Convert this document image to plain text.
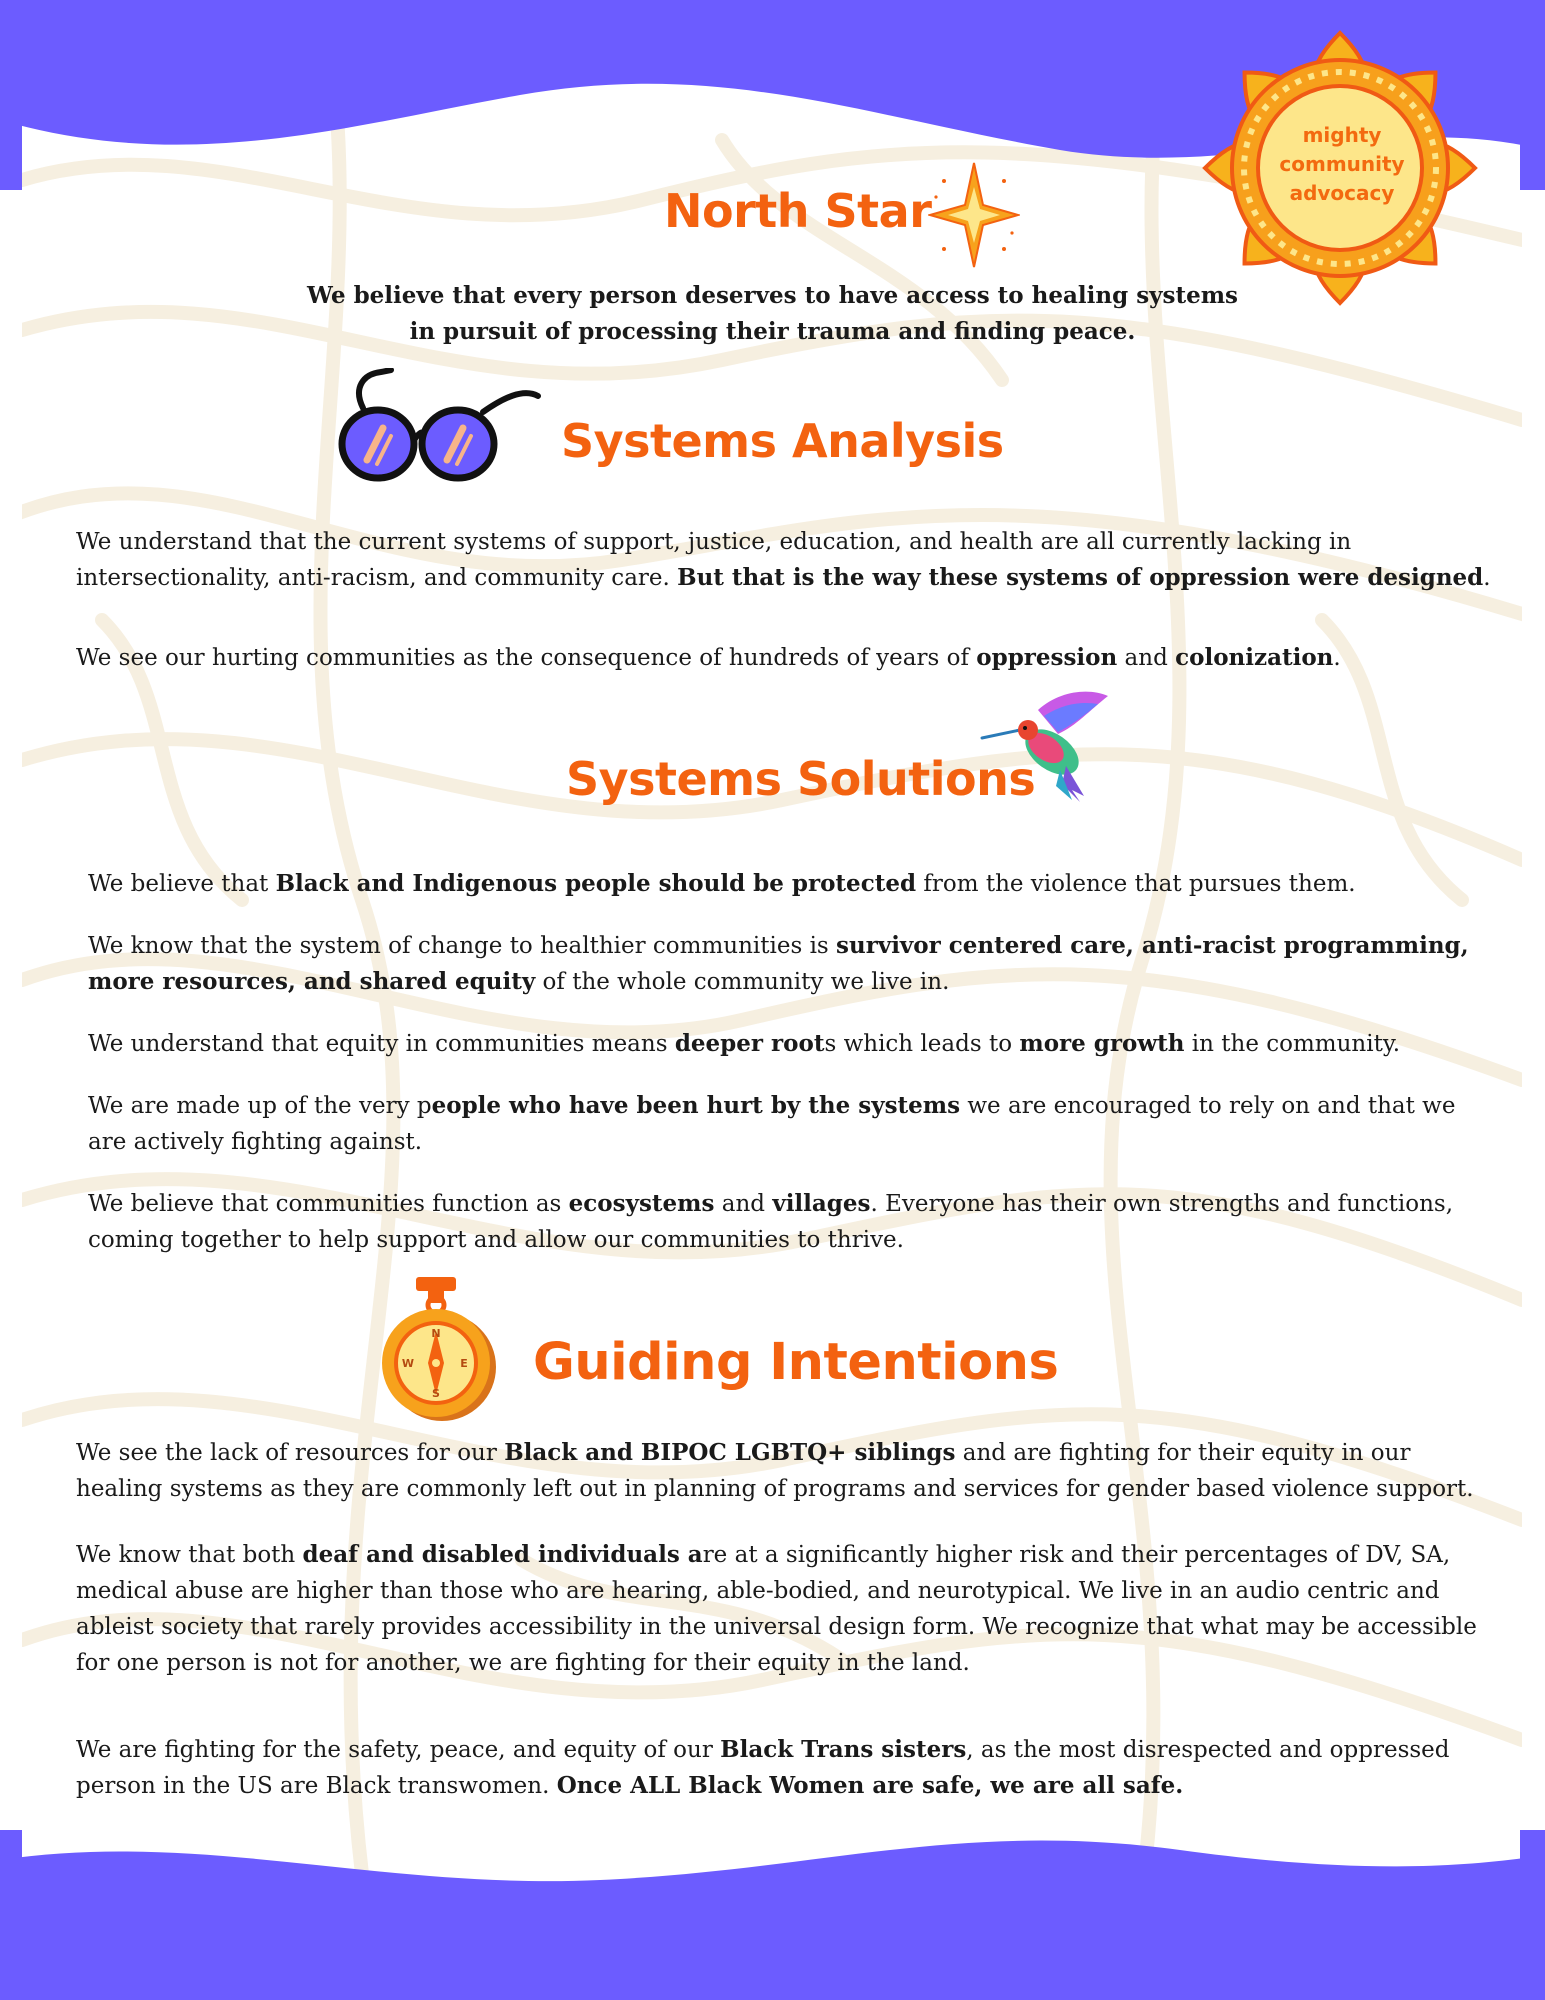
mighty
community
advocacy
North Star

We believe that every person deserves to have access to healing systems in pursuit of processing their trauma and finding peace.

Systems Analysis

We understand that the current systems of support, justice, education, and health are all currently lacking in intersectionality, anti-racism, and community care. But that is the way these systems of oppression were designed.

We see our hurting communities as the consequence of hundreds of years of oppression and colonization.

Systems Solutions

We believe that Black and Indigenous people should be protected from the violence that pursues them.

We know that the system of change to healthier communities is survivor centered care, anti-racist programming, more resources, and shared equity of the whole community we live in.

We understand that equity in communities means deeper roots which leads to more growth in the community.

We are made up of the very people who have been hurt by the systems we are encouraged to rely on and that we are actively fighting against.

We believe that communities function as ecosystems and villages. Everyone has their own strengths and functions, coming together to help support and allow our communities to thrive.

N
E
W
S
Guiding Intentions

We see the lack of resources for our Black and BIPOC LGBTQ+ siblings and are fighting for their equity in our healing systems as they are commonly left out in planning of programs and services for gender based violence support.

We know that both deaf and disabled individuals are at a significantly higher risk and their percentages of DV, SA, medical abuse are higher than those who are hearing, able-bodied, and neurotypical. We live in an audio centric and ableist society that rarely provides accessibility in the universal design form. We recognize that what may be accessible for one person is not for another, we are fighting for their equity in the land.

We are fighting for the safety, peace, and equity of our Black Trans sisters, as the most disrespected and oppressed person in the US are Black transwomen. Once ALL Black Women are safe, we are all safe.
